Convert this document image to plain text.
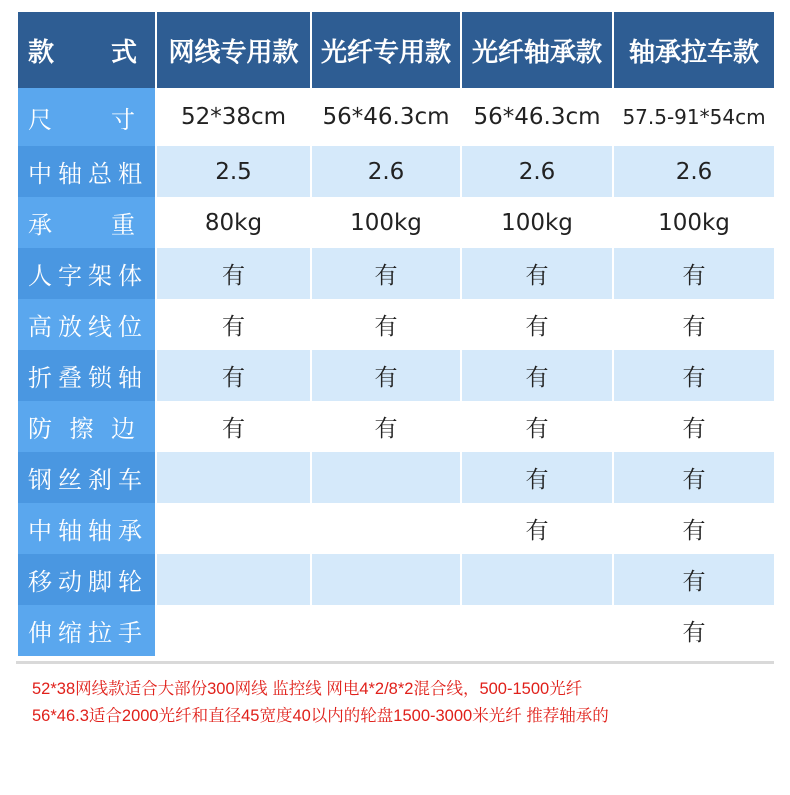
款 式	网线专用款	光纤专用款	光纤轴承款	轴承拉车款

尺 寸	52*38cm	56*46.3cm	56*46.3cm	57.5-91*54cm
中轴总粗	2.5	2.6	2.6	2.6

承 重	80kg	100kg	100kg	100kg
人字架体	有	有	有	有
高放线位	有	有	有	有
折叠锁轴	有	有	有	有

防 擦 边	有	有	有	有
钢丝刹车			有	有
中轴轴承			有	有
移动脚轮				有
伸缩拉手				有
52*38网线款适合大部份300网线 监控线 网电4*2/8*2混合线，500-1500光纤
56*46.3适合2000光纤和直径45宽度40以内的轮盘1500-3000米光纤 推荐轴承的
